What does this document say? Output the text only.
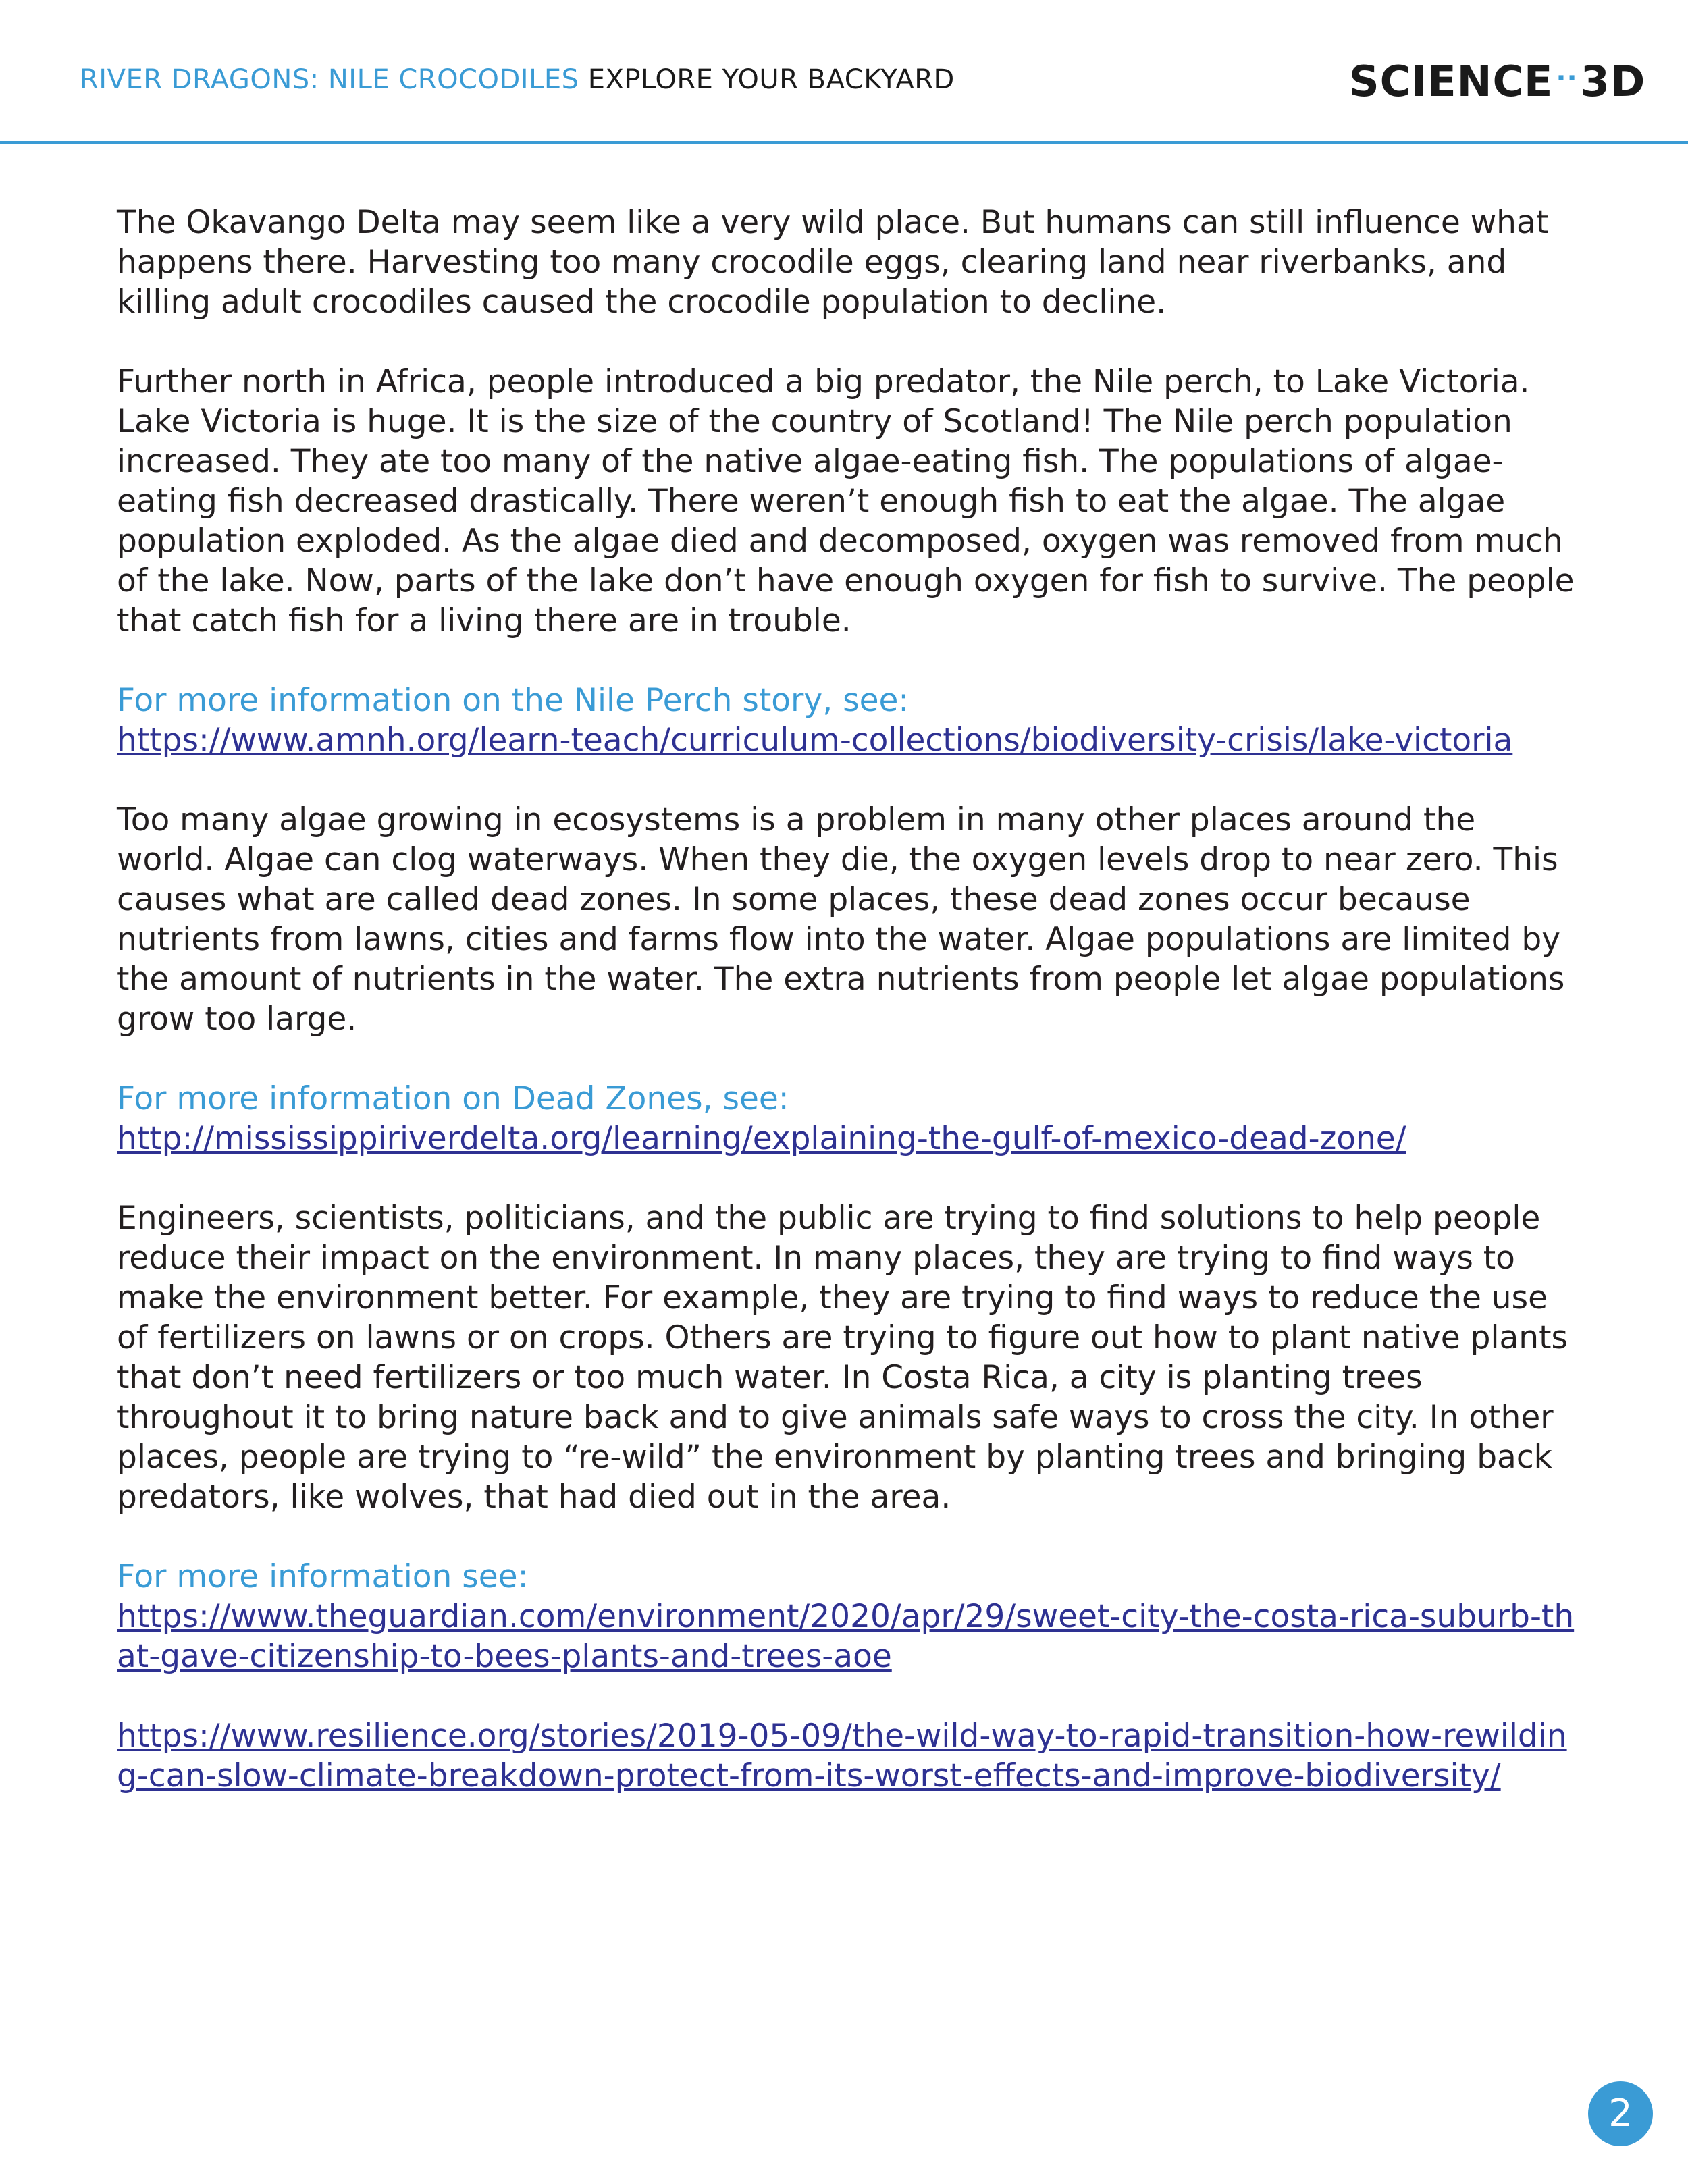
RIVER DRAGONS: NILE CROCODILES EXPLORE YOUR BACKYARD	SCIENCE ·· 3D

The Okavango Delta may seem like a very wild place. But humans can still influence what happens there. Harvesting too many crocodile eggs, clearing land near riverbanks, and killing adult crocodiles caused the crocodile population to decline.

Further north in Africa, people introduced a big predator, the Nile perch, to Lake Victoria. Lake Victoria is huge. It is the size of the country of Scotland! The Nile perch population increased. They ate too many of the native algae-eating fish. The populations of algae-eating fish decreased drastically. There weren’t enough fish to eat the algae. The algae population exploded. As the algae died and decomposed, oxygen was removed from much of the lake. Now, parts of the lake don’t have enough oxygen for fish to survive. The people that catch fish for a living there are in trouble.

For more information on the Nile Perch story, see:
https://www.amnh.org/learn-teach/curriculum-collections/biodiversity-crisis/lake-victoria

Too many algae growing in ecosystems is a problem in many other places around the world. Algae can clog waterways. When they die, the oxygen levels drop to near zero. This causes what are called dead zones. In some places, these dead zones occur because nutrients from lawns, cities and farms flow into the water. Algae populations are limited by the amount of nutrients in the water. The extra nutrients from people let algae populations grow too large.

For more information on Dead Zones, see:
http://mississippiriverdelta.org/learning/explaining-the-gulf-of-mexico-dead-zone/

Engineers, scientists, politicians, and the public are trying to find solutions to help people reduce their impact on the environment. In many places, they are trying to find ways to make the environment better. For example, they are trying to find ways to reduce the use of fertilizers on lawns or on crops. Others are trying to figure out how to plant native plants that don’t need fertilizers or too much water. In Costa Rica, a city is planting trees throughout it to bring nature back and to give animals safe ways to cross the city. In other places, people are trying to “re-wild” the environment by planting trees and bringing back predators, like wolves, that had died out in the area.

For more information see:
https://www.theguardian.com/environment/2020/apr/29/sweet-city-the-costa-rica-suburb-that-gave-citizenship-to-bees-plants-and-trees-aoe
https://www.resilience.org/stories/2019-05-09/the-wild-way-to-rapid-transition-how-rewilding-can-slow-climate-breakdown-protect-from-its-worst-effects-and-improve-biodiversity/
2
